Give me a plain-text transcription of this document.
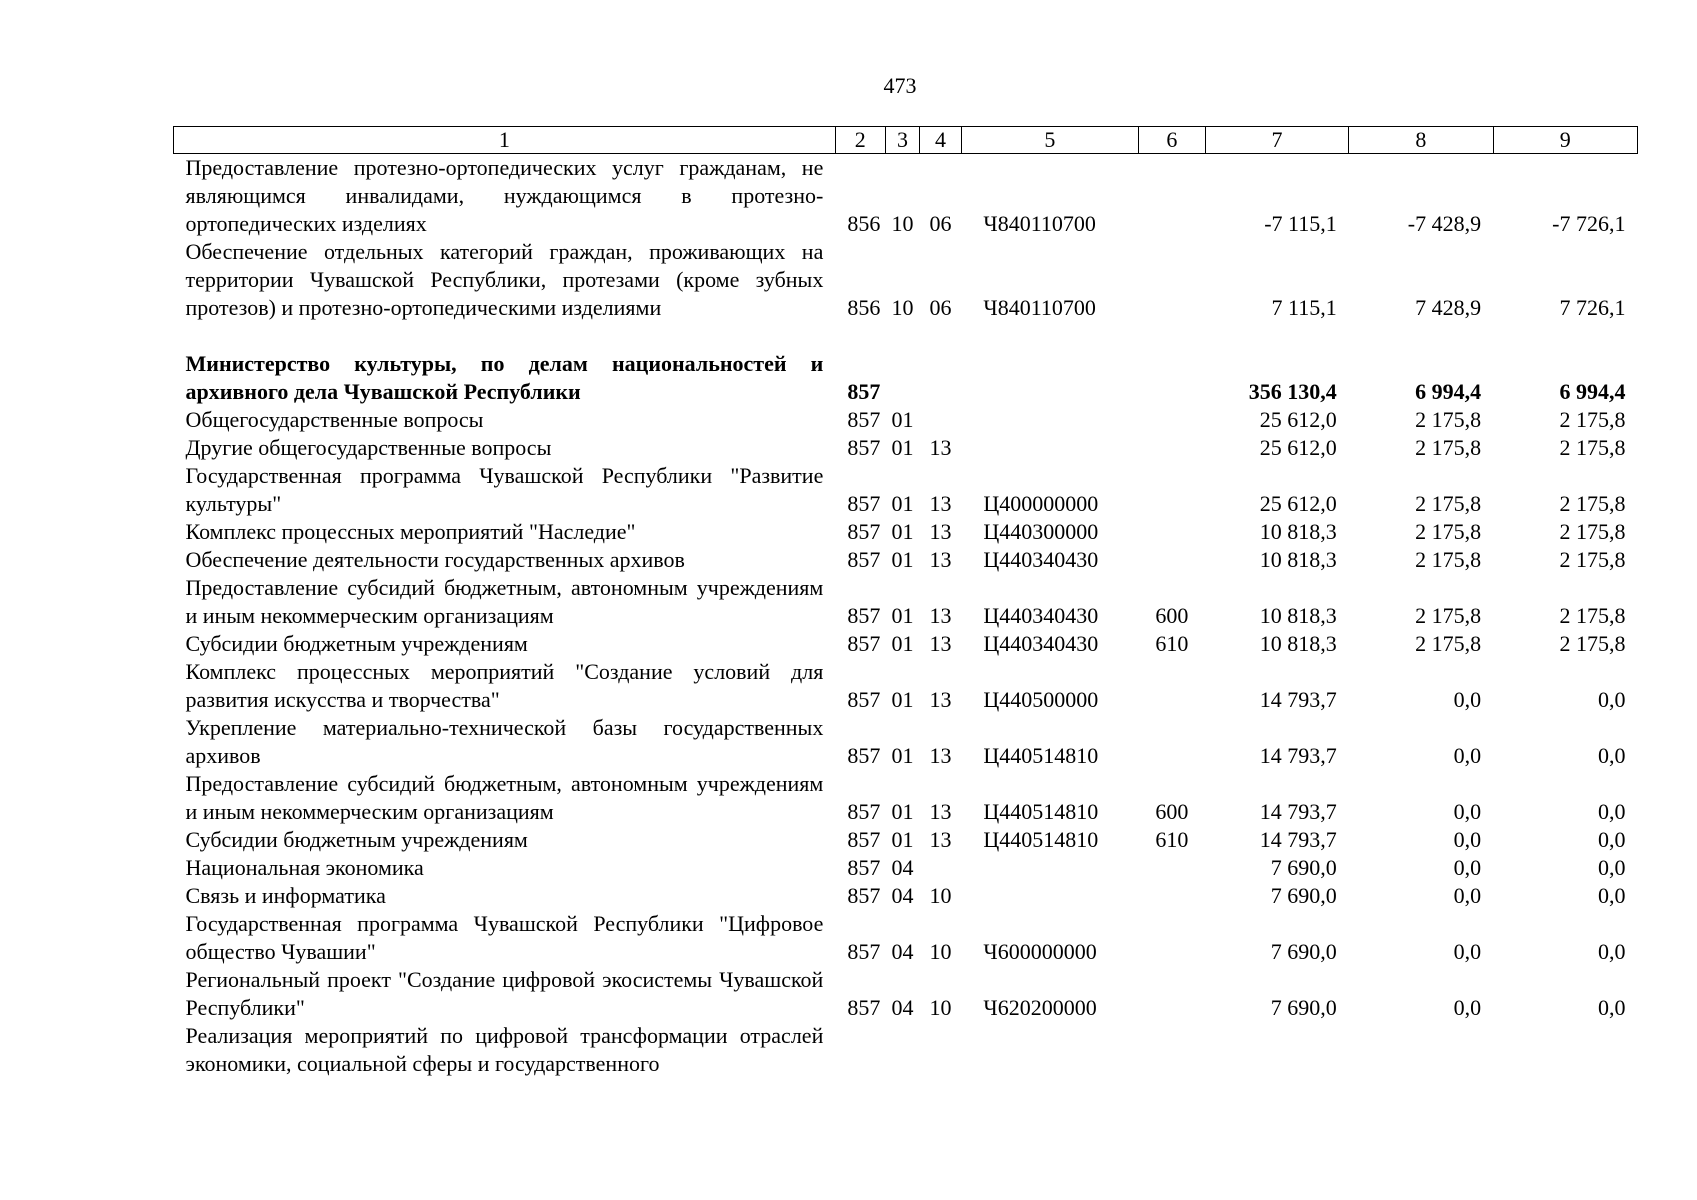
473
1	2	3	4	5	6	7	8	9
Предоставление протезно-ортопедических услуг гражданам, не являющимся инвалидами, нуждающимся в протезно-ортопедических изделиях	856	10	06	Ч840110700		-7 115,1	-7 428,9	-7 726,1
Обеспечение отдельных категорий граждан, проживающих на территории Чувашской Республики, протезами (кроме зубных протезов) и протезно-ортопедическими изделиями	856	10	06	Ч840110700		7 115,1	7 428,9	7 726,1

Министерство культуры, по делам национальностей и архивного дела Чувашской Республики	857					356 130,4	6 994,4	6 994,4
Общегосударственные вопросы	857	01				25 612,0	2 175,8	2 175,8
Другие общегосударственные вопросы	857	01	13			25 612,0	2 175,8	2 175,8
Государственная программа Чувашской Республики "Развитие культуры"	857	01	13	Ц400000000		25 612,0	2 175,8	2 175,8
Комплекс процессных мероприятий "Наследие"	857	01	13	Ц440300000		10 818,3	2 175,8	2 175,8
Обеспечение деятельности государственных архивов	857	01	13	Ц440340430		10 818,3	2 175,8	2 175,8
Предоставление субсидий бюджетным, автономным учреждениям и иным некоммерческим организациям	857	01	13	Ц440340430	600	10 818,3	2 175,8	2 175,8
Субсидии бюджетным учреждениям	857	01	13	Ц440340430	610	10 818,3	2 175,8	2 175,8
Комплекс процессных мероприятий "Создание условий для развития искусства и творчества"	857	01	13	Ц440500000		14 793,7	0,0	0,0
Укрепление материально-технической базы государственных архивов	857	01	13	Ц440514810		14 793,7	0,0	0,0
Предоставление субсидий бюджетным, автономным учреждениям и иным некоммерческим организациям	857	01	13	Ц440514810	600	14 793,7	0,0	0,0
Субсидии бюджетным учреждениям	857	01	13	Ц440514810	610	14 793,7	0,0	0,0
Национальная экономика	857	04				7 690,0	0,0	0,0
Связь и информатика	857	04	10			7 690,0	0,0	0,0
Государственная программа Чувашской Республики "Цифровое общество Чувашии"	857	04	10	Ч600000000		7 690,0	0,0	0,0
Региональный проект "Создание цифровой экосистемы Чувашской Республики"	857	04	10	Ч620200000		7 690,0	0,0	0,0
Реализация мероприятий по цифровой трансформации отраслей экономики, социальной сферы и государственного								
